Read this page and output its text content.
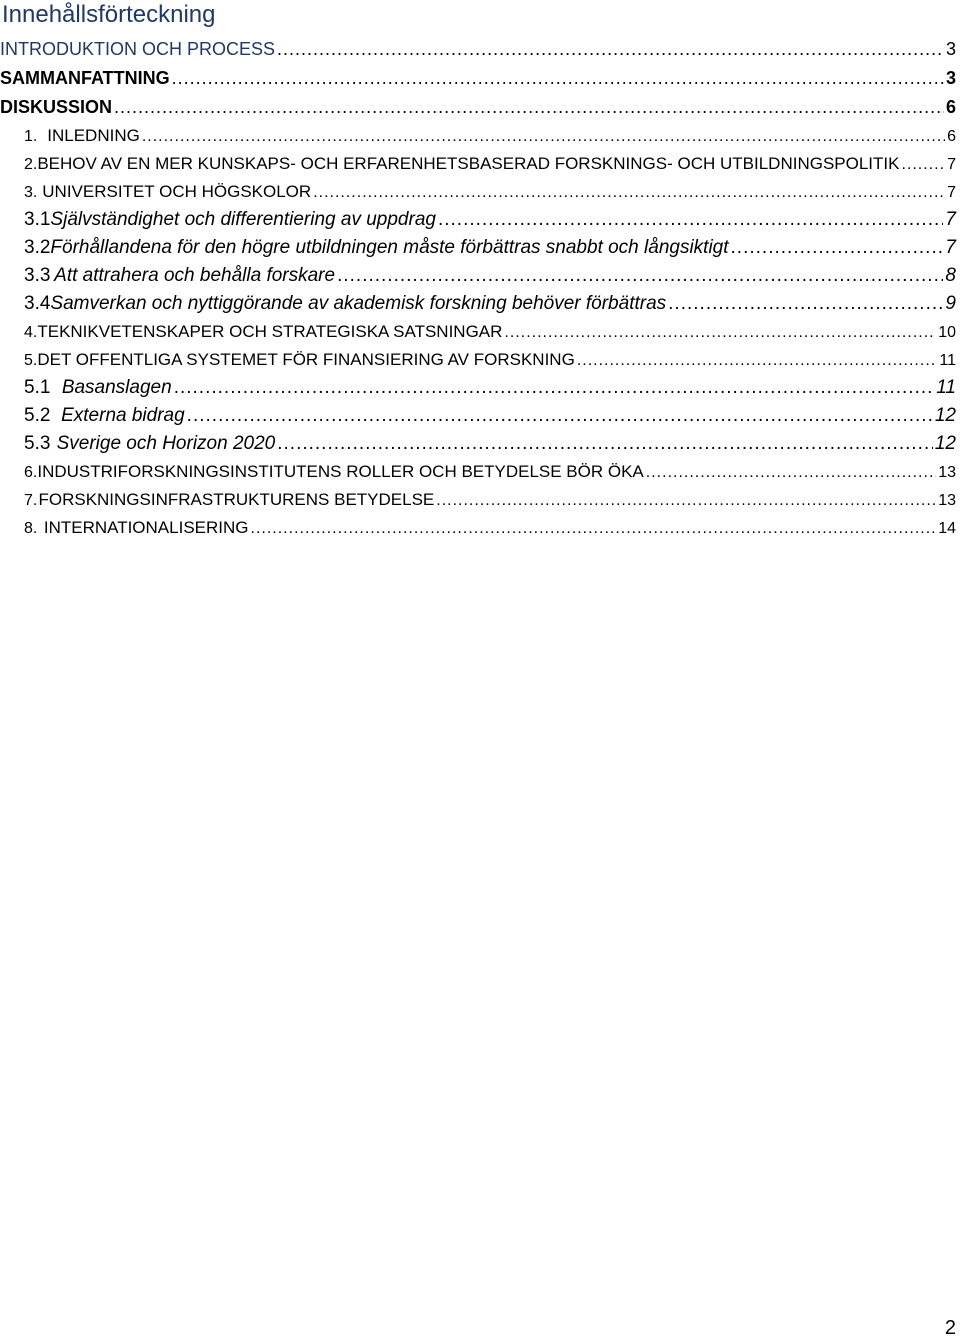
Innehållsförteckning
INTRODUKTION OCH PROCESS .....	3
SAMMANFATTNING .....	3
DISKUSSION .....	6
1. INLEDNING .....	6
2. BEHOV AV EN MER KUNSKAPS- OCH ERFARENHETSBASERAD FORSKNINGS- OCH UTBILDNINGSPOLITIK .....	7
3. UNIVERSITET OCH HÖGSKOLOR .....	7
3.1 Självständighet och differentiering av uppdrag .....	7
3.2 Förhållandena för den högre utbildningen måste förbättras snabbt och långsiktigt .....	7
3.3 Att attrahera och behålla forskare .....	8
3.4 Samverkan och nyttiggörande av akademisk forskning behöver förbättras .....	9
4. TEKNIKVETENSKAPER OCH STRATEGISKA SATSNINGAR .....	10
5. DET OFFENTLIGA SYSTEMET FÖR FINANSIERING AV FORSKNING .....	11
5.1 Basanslagen .....	11
5.2 Externa bidrag .....	12
5.3 Sverige och Horizon 2020 .....	12
6. INDUSTRIFORSKNINGSINSTITUTENS ROLLER OCH BETYDELSE BÖR ÖKA .....	13
7. FORSKNINGSINFRASTRUKTURENS BETYDELSE .....	13
8. INTERNATIONALISERING .....	14
2
